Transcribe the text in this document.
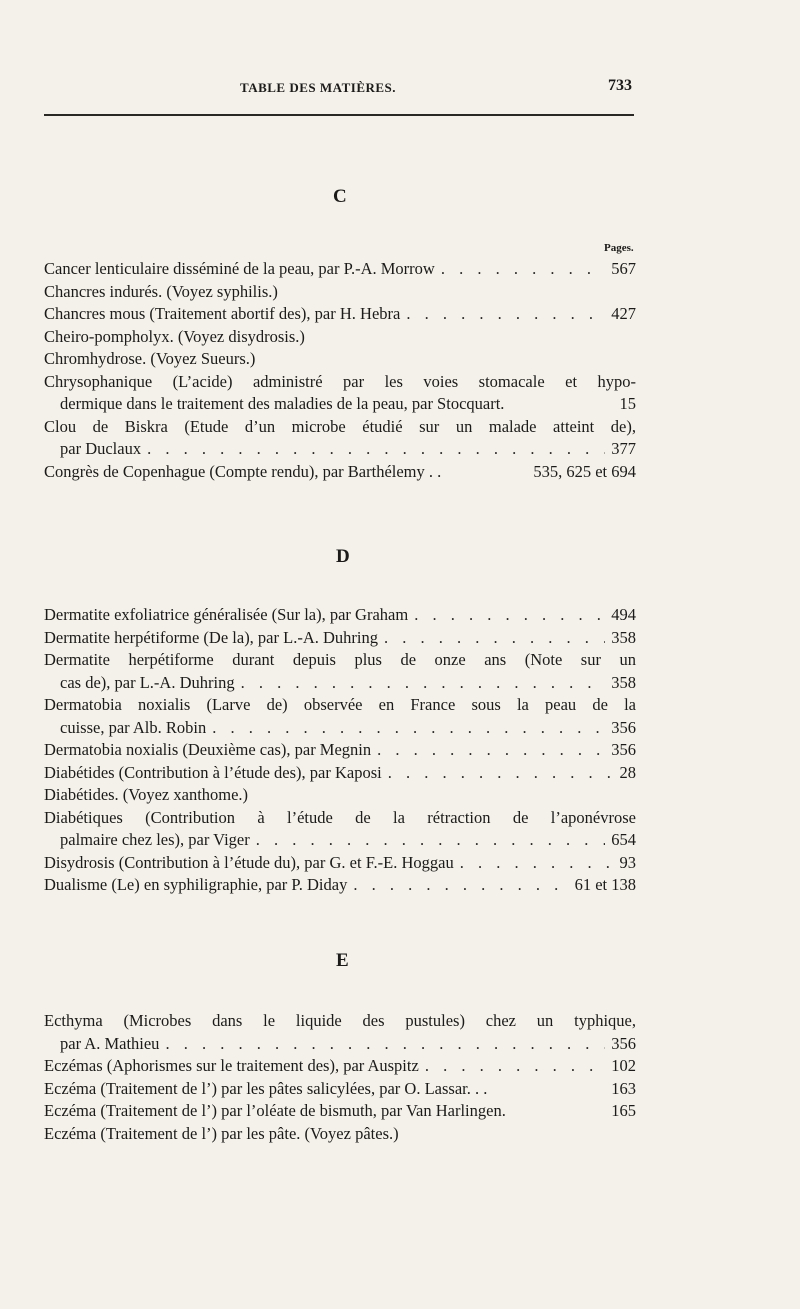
TABLE DES MATIÈRES.	733
C
Pages.
Cancer lenticulaire disséminé de la peau, par P.-A. Morrow . . .	567
Chancres indurés. (Voyez syphilis.)
Chancres mous (Traitement abortif des), par H. Hebra . . .	427
Cheiro-pompholyx. (Voyez disydrosis.)
Chromhydrose. (Voyez Sueurs.)
Chrysophanique (L’acide) administré par les voies stomacale et hypo-
dermique dans le traitement des maladies de la peau, par Stocquart.	15
Clou de Biskra (Etude d’un microbe étudié sur un malade atteint de),
par Duclaux . . .	377
Congrès de Copenhague (Compte rendu), par Barthélemy . .	535, 625 et 694
D
Dermatite exfoliatrice généralisée (Sur la), par Graham . . .	494
Dermatite herpétiforme (De la), par L.-A. Duhring . . .	358
Dermatite herpétiforme durant depuis plus de onze ans (Note sur un
cas de), par L.-A. Duhring . . .	358
Dermatobia noxialis (Larve de) observée en France sous la peau de la
cuisse, par Alb. Robin . . .	356
Dermatobia noxialis (Deuxième cas), par Megnin . . .	356
Diabétides (Contribution à l’étude des), par Kaposi . . .	28
Diabétides. (Voyez xanthome.)
Diabétiques (Contribution à l’étude de la rétraction de l’aponévrose
palmaire chez les), par Viger . . .	654
Disydrosis (Contribution à l’étude du), par G. et F.-E. Hoggau . . .	93
Dualisme (Le) en syphiligraphie, par P. Diday . . .	61 et 138
E
Ecthyma (Microbes dans le liquide des pustules) chez un typhique,
par A. Mathieu . . .	356
Eczémas (Aphorismes sur le traitement des), par Auspitz . . .	102
Eczéma (Traitement de l’) par les pâtes salicylées, par O. Lassar. . .	163
Eczéma (Traitement de l’) par l’oléate de bismuth, par Van Harlingen.	165
Eczéma (Traitement de l’) par les pâte. (Voyez pâtes.)
